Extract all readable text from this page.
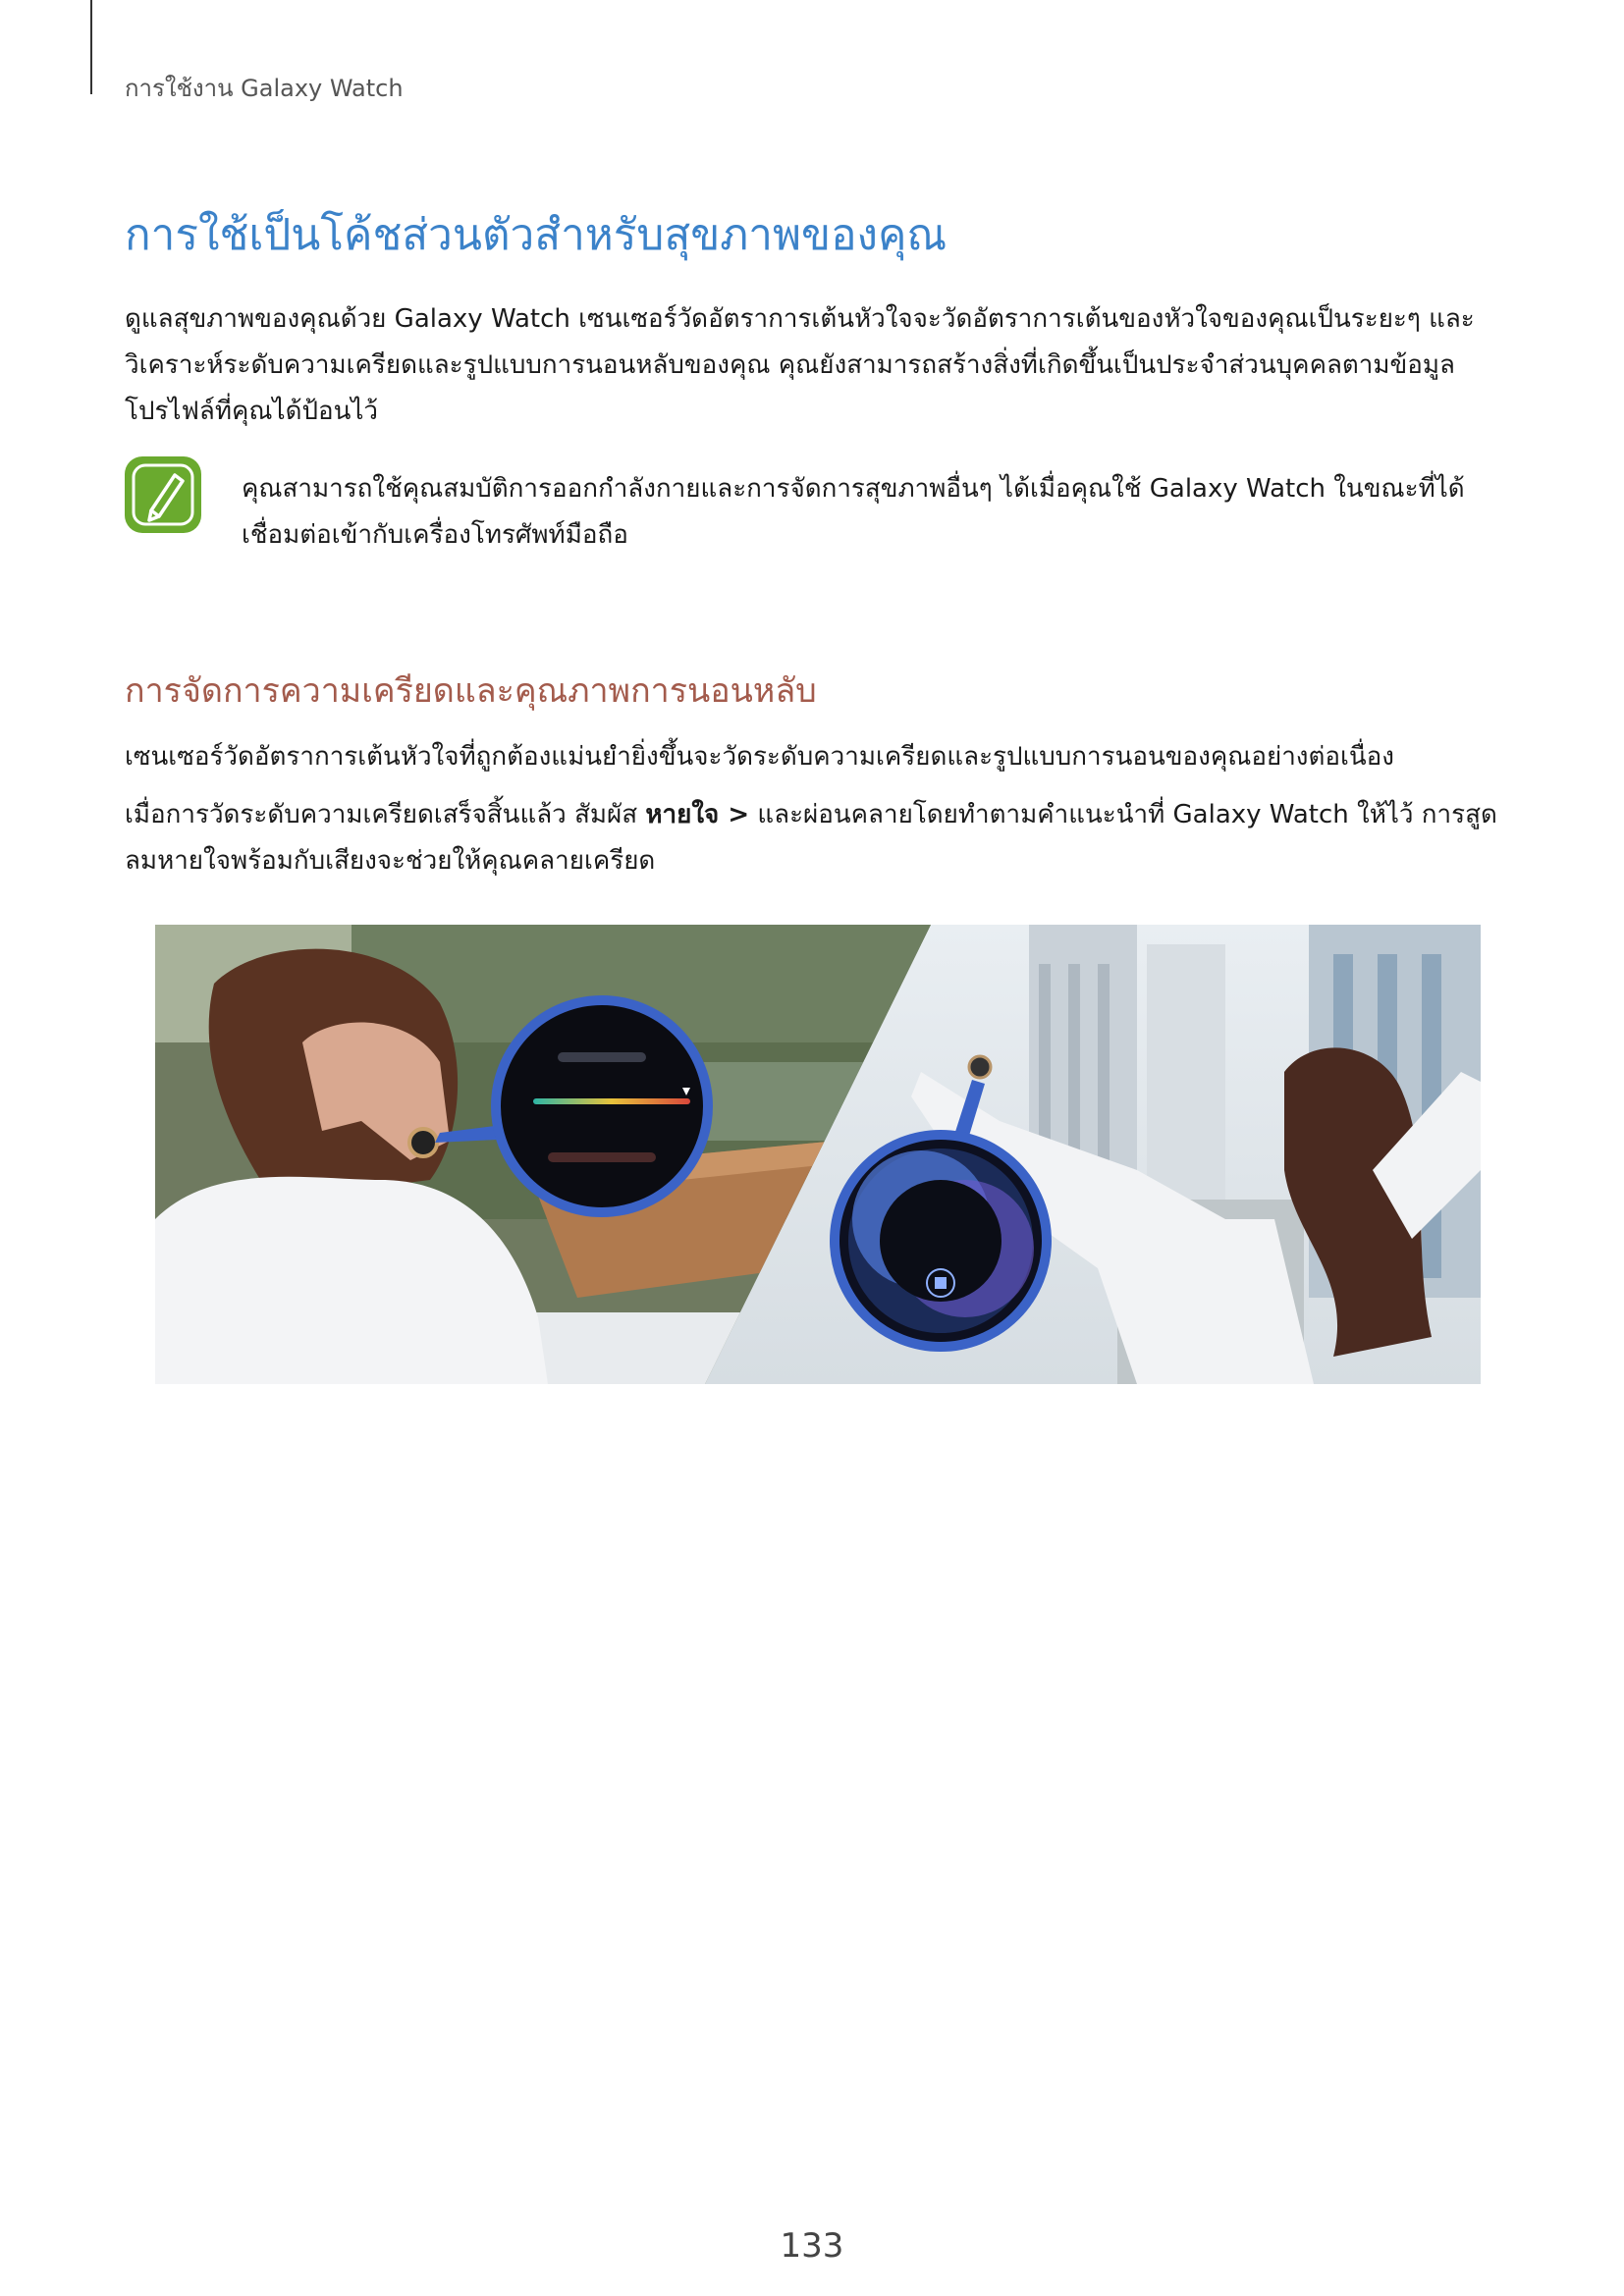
การใช้งาน Galaxy Watch
การใช้เป็นโค้ชส่วนตัวสำหรับสุขภาพของคุณ

ดูแลสุขภาพของคุณด้วย Galaxy Watch เซนเซอร์วัดอัตราการเต้นหัวใจจะวัดอัตราการเต้นของหัวใจของคุณเป็นระยะๆ และวิเคราะห์ระดับความเครียดและรูปแบบการนอนหลับของคุณ คุณยังสามารถสร้างสิ่งที่เกิดขึ้นเป็นประจำส่วนบุคคลตามข้อมูลโปรไฟล์ที่คุณได้ป้อนไว้

คุณสามารถใช้คุณสมบัติการออกกำลังกายและการจัดการสุขภาพอื่นๆ ได้เมื่อคุณใช้ Galaxy Watch ในขณะที่ได้เชื่อมต่อเข้ากับเครื่องโทรศัพท์มือถือ

การจัดการความเครียดและคุณภาพการนอนหลับ

เซนเซอร์วัดอัตราการเต้นหัวใจที่ถูกต้องแม่นยำยิ่งขึ้นจะวัดระดับความเครียดและรูปแบบการนอนของคุณอย่างต่อเนื่อง

เมื่อการวัดระดับความเครียดเสร็จสิ้นแล้ว สัมผัส หายใจ > และผ่อนคลายโดยทำตามคำแนะนำที่ Galaxy Watch ให้ไว้ การสูดลมหายใจพร้อมกับเสียงจะช่วยให้คุณคลายเครียด

133
